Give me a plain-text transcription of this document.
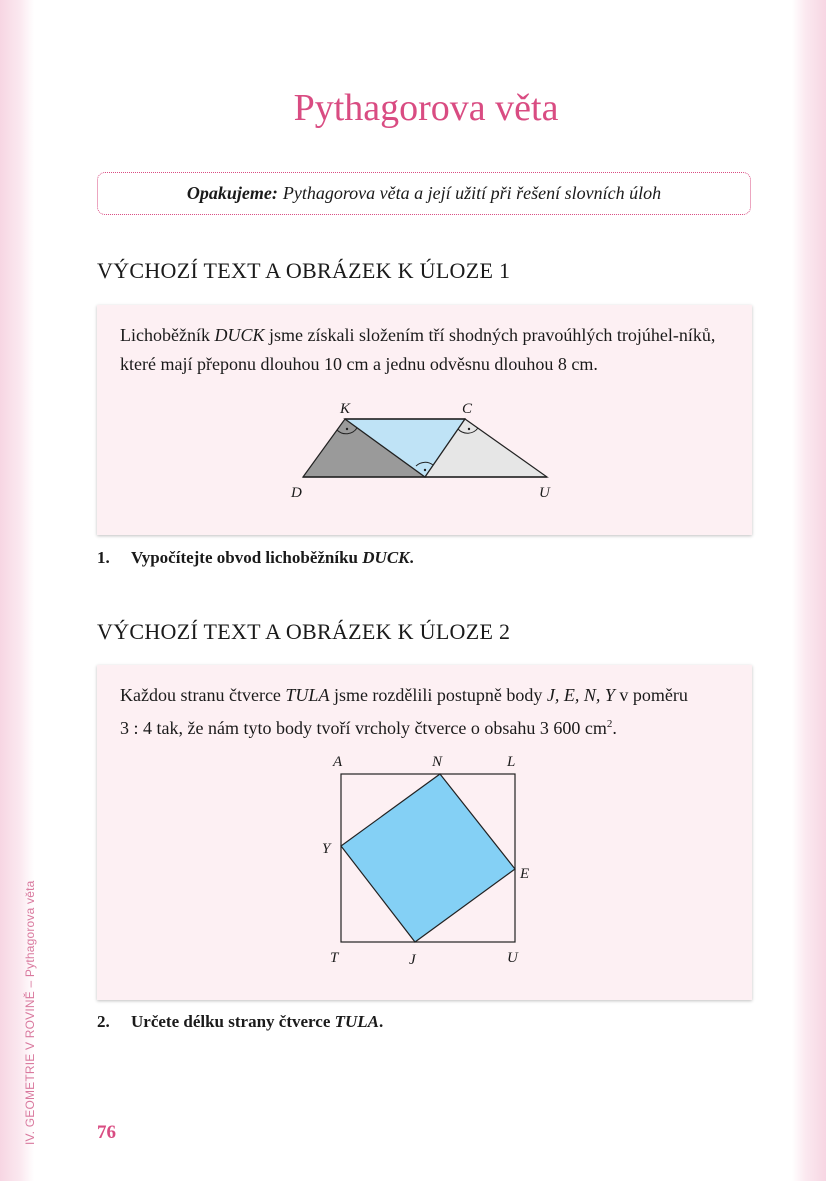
IV. GEOMETRIE V ROVINĚ – Pythagorova věta
Pythagorova věta
Opakujeme: Pythagorova věta a její užití při řešení slovních úloh
VÝCHOZÍ TEXT A OBRÁZEK K ÚLOZE 1

Lichoběžník DUCK jsme získali složením tří shodných pravoúhlých trojúhel-níků, které mají přeponu dlouhou 10 cm a jednu odvěsnu dlouhou 8 cm.

K	C
D	U
1. Vypočítejte obvod lichoběžníku DUCK.
VÝCHOZÍ TEXT A OBRÁZEK K ÚLOZE 2

Každou stranu čtverce TULA jsme rozdělili postupně body J, E, N, Y v poměru
3 : 4 tak, že nám tyto body tvoří vrcholy čtverce o obsahu 3 600 $cm^2$.

A	N	L
Y
E
T	J	U
2. Určete délku strany čtverce TULA.
76
